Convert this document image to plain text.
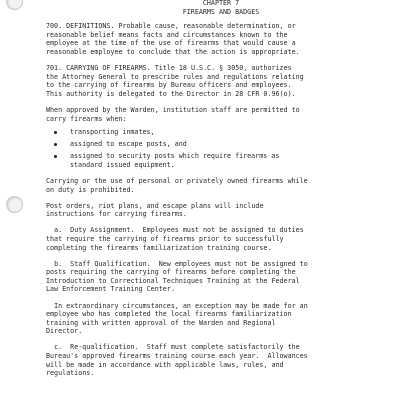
CHAPTER 7
FIREARMS AND BADGES

700. DEFINITIONS. Probable cause, reasonable determination, or
reasonable belief means facts and circumstances known to the
employee at the time of the use of firearms that would cause a
reasonable employee to conclude that the action is appropriate.

701. CARRYING OF FIREARMS. Title 18 U.S.C. § 3050, authorizes
the Attorney General to prescribe rules and regulations relating
to the carrying of firearms by Bureau officers and employees.
This authority is delegated to the Director in 28 CFR 0.96(o).

When approved by the Warden, institution staff are permitted to
carry firearms when:

transporting inmates,
assigned to escape posts, and
assigned to security posts which require firearms as
standard issued equipment.

Carrying or the use of personal or privately owned firearms while
on duty is prohibited.

Post orders, riot plans, and escape plans will include
instructions for carrying firearms.

a.  Duty Assignment.  Employees must not be assigned to duties
that require the carrying of firearms prior to successfully
completing the firearms familiarization training course.

b.  Staff Qualification.  New employees must not be assigned to
posts requiring the carrying of firearms before completing the
Introduction to Correctional Techniques Training at the Federal
Law Enforcement Training Center.

In extraordinary circumstances, an exception may be made for an
employee who has completed the local firearms familiarization
training with written approval of the Warden and Regional
Director.

c.  Re-qualification.  Staff must complete satisfactorily the
Bureau's approved firearms training course each year.  Allowances
will be made in accordance with applicable laws, rules, and
regulations.
